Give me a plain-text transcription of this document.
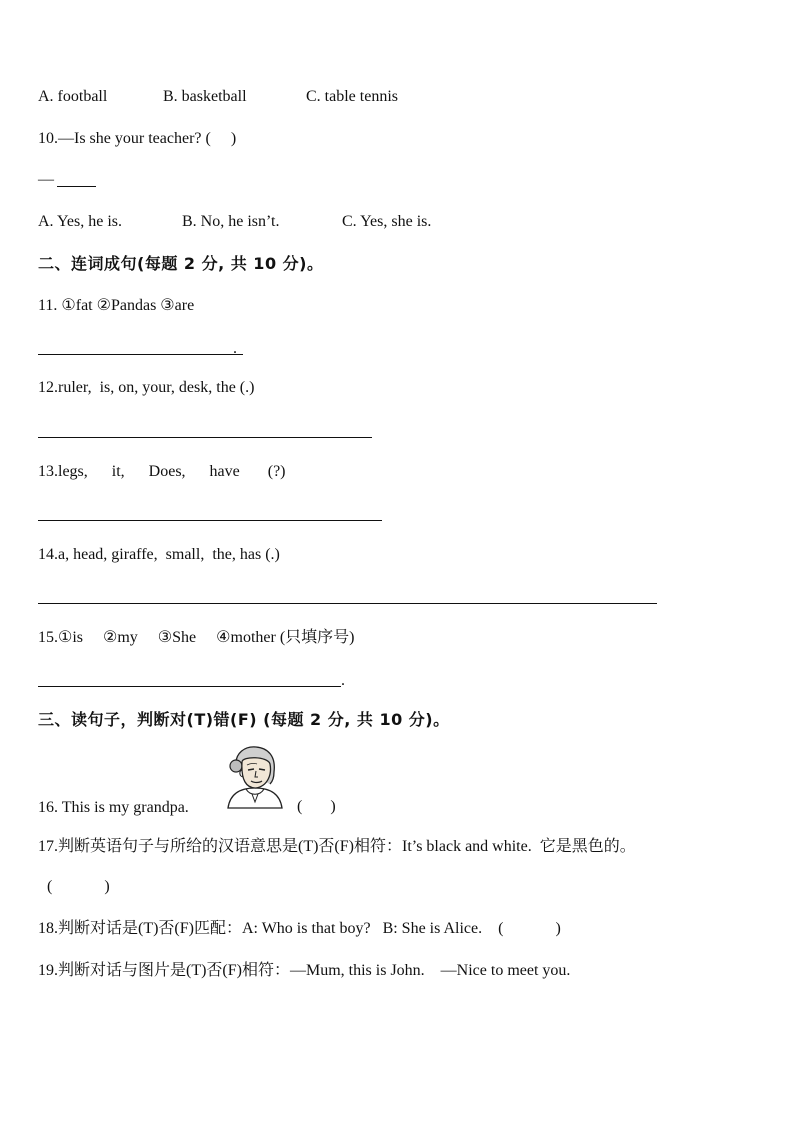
A. football	B. basketball	C. table tennis
10.—Is she your teacher? (     )
—
A. Yes, he is.	B. No, he isn’t.	C. Yes, she is.
二、连词成句(每题 2 分, 共 10 分)。
11. ①fat ②Pandas ③are
.
12.ruler,  is, on, your, desk, the (.)
13.legs,      it,      Does,      have       (?)
14.a, head, giraffe,  small,  the, has (.)
15.①is     ②my     ③She     ④mother (只填序号)
.
三、读句子，判断对(T)错(F) (每题 2 分, 共 10 分)。
16. This is my grandpa.	(       )
17.判断英语句子与所给的汉语意思是(T)否(F)相符：It’s black and white.  它是黑色的。
(             )
18.判断对话是(T)否(F)匹配：A: Who is that boy?   B: She is Alice.    (             )
19.判断对话与图片是(T)否(F)相符：—Mum, this is John.    —Nice to meet you.
